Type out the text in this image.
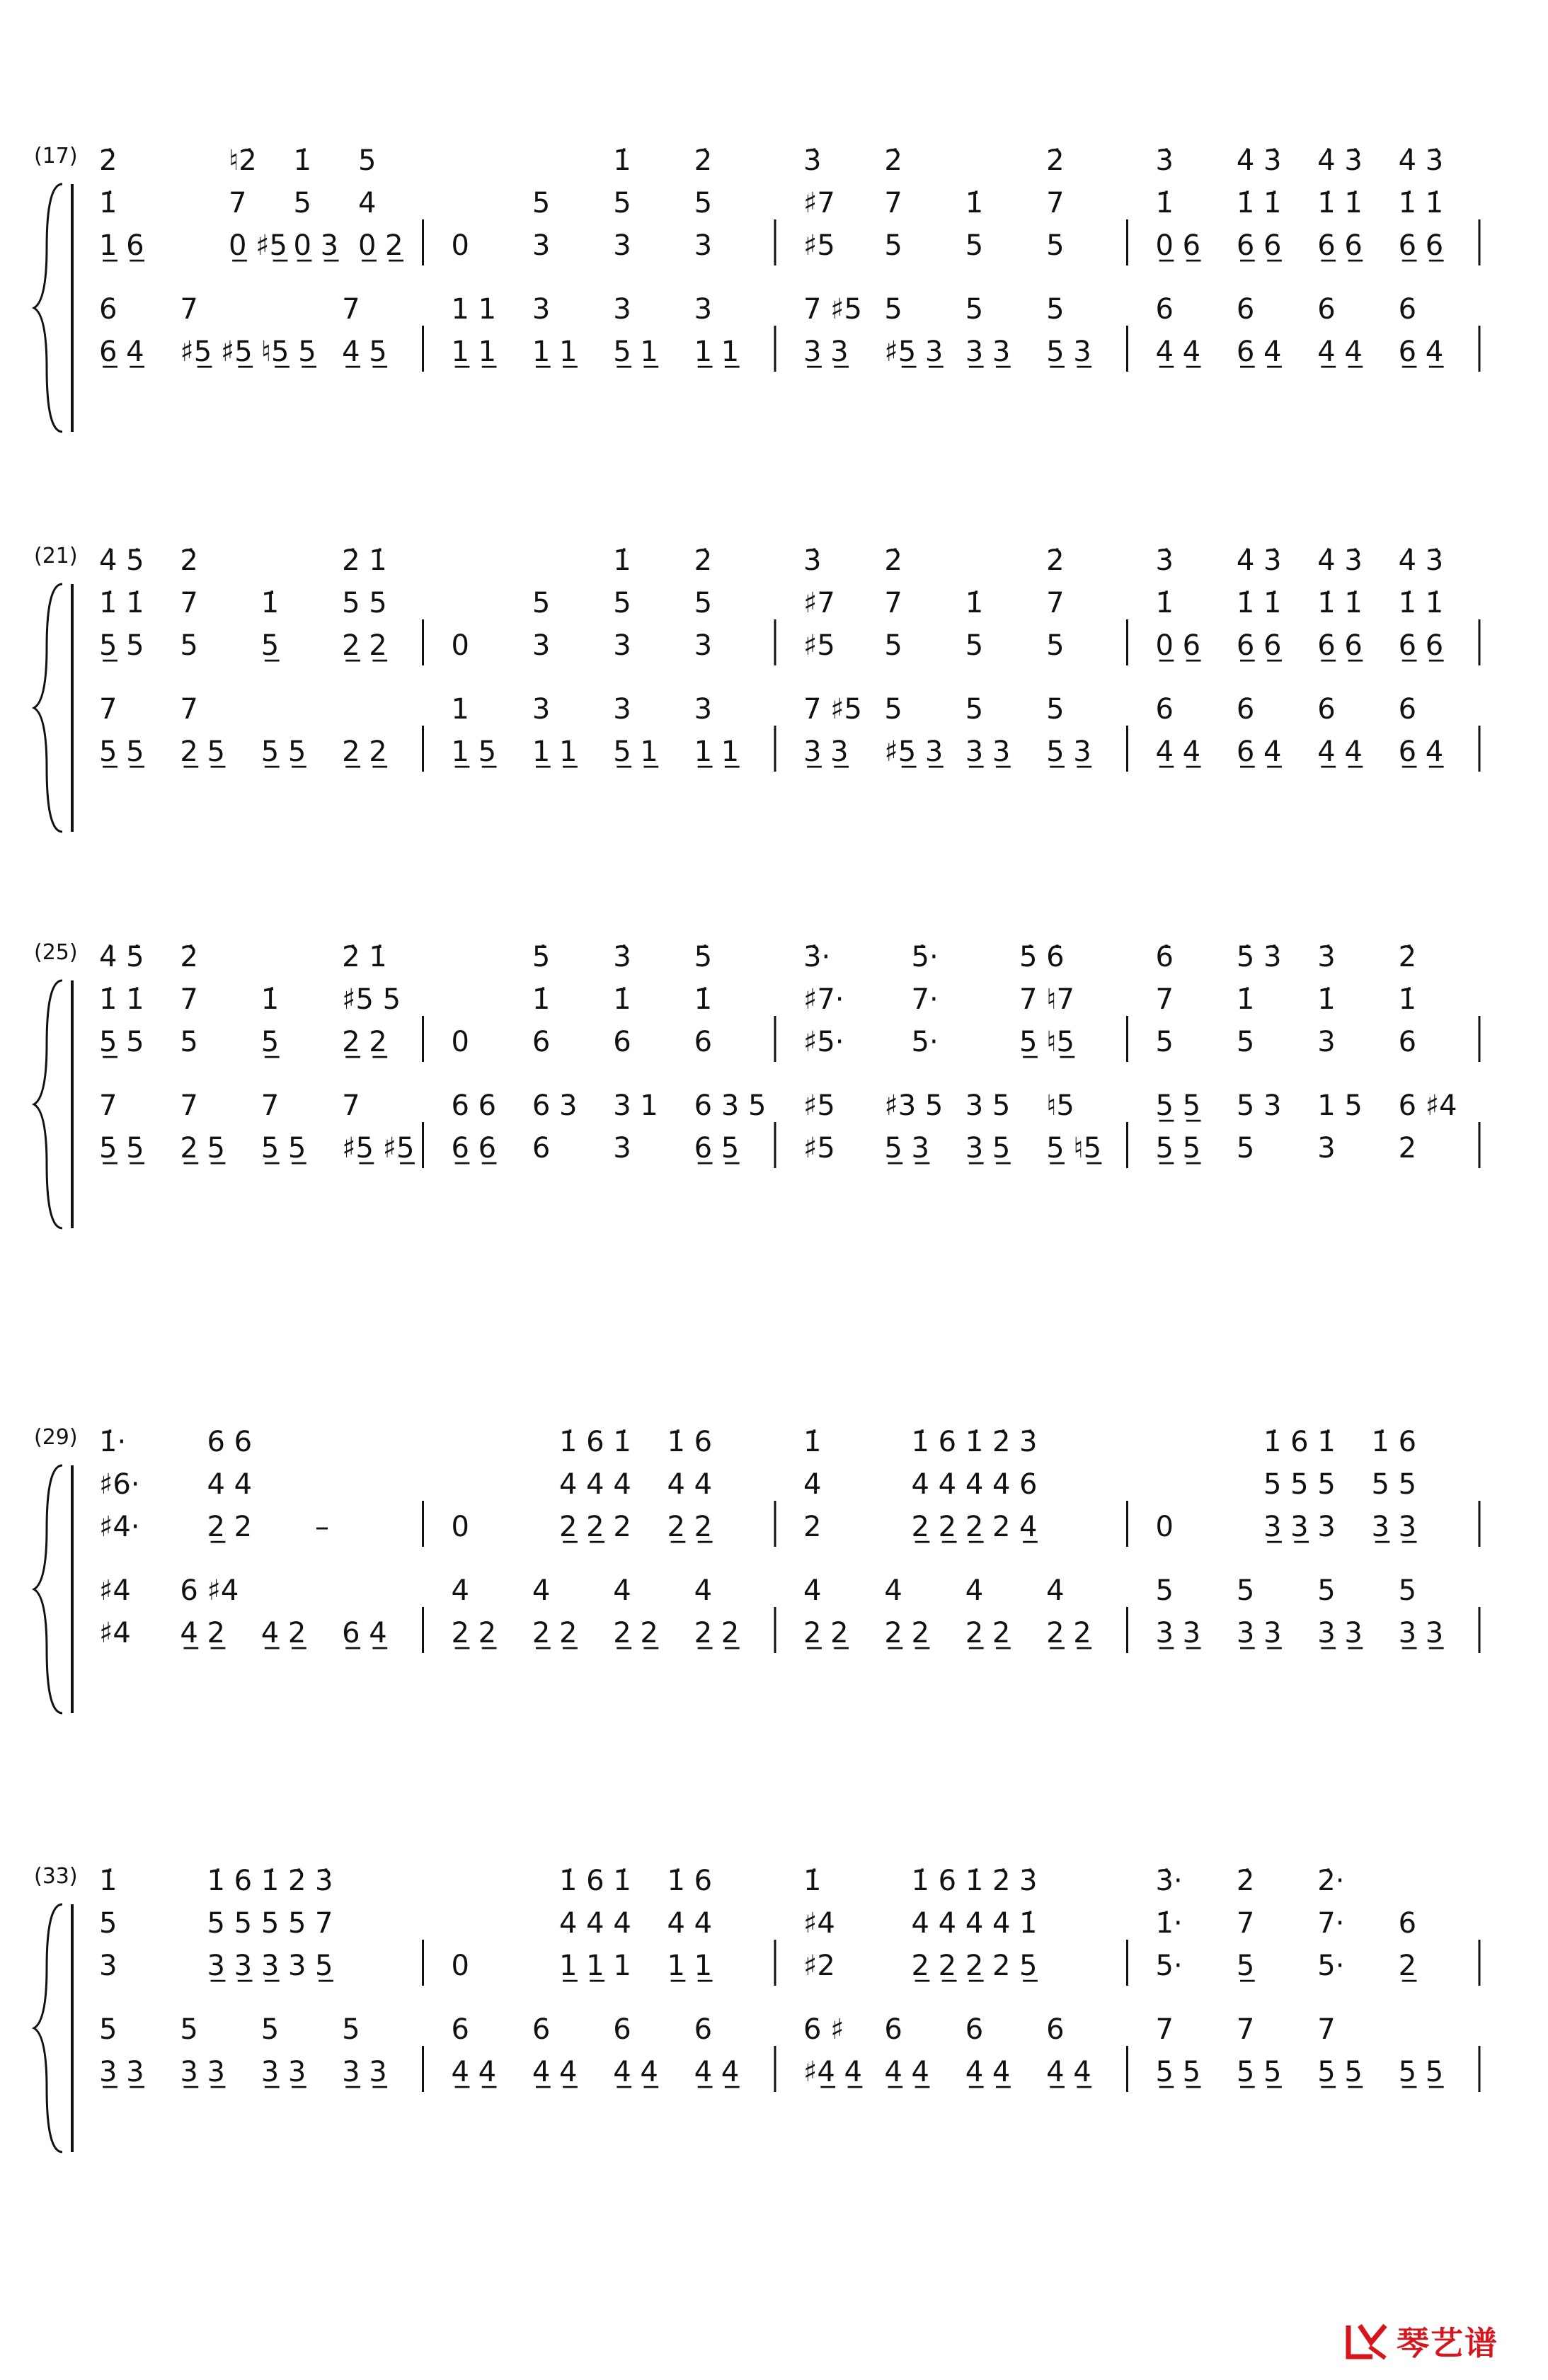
(17) 2̇
1̇
1̲ 6̲
♮2̇
7
0̲ ♯5̲
1̇
5
0̲ 3̲
5
4
0̲ 2̲
6
6̲ 4̲
7
♯5̲ ♯5̲ ♮5̲ 5̲
7
4̲ 5̲
0
5
3
1̇
5
3
2̇
5
3
1 1
1̲ 1̲
3
1̲ 1̲
3
5̲ 1̲
3
1̲ 1̲
3̇
♯7
♯5
2̇
7
5
1̇
5
2̇
7
5
7 ♯5
3̲ 3̲
5
♯5̲ 3̲
5
3̲ 3̲
5
5̲ 3̲
3̇
1̇
0̲ 6̲
4̇ 3̇
1̇ 1̇
6̲ 6̲
4̇ 3̇
1̇ 1̇
6̲ 6̲
4̇ 3̇
1̇ 1̇
6̲ 6̲
6
4̲ 4̲
6
6̲ 4̲
6
4̲ 4̲
6
6̲ 4̲
(21) 4̇ 5̇
1̇ 1̇
5̲ 5
2̇
7
5
1̇
5̲
2̇ 1̇
5 5
2̲ 2̲
7
5̲ 5̲
7
2̲ 5̲ 5̲ 5̲ 2̲ 2̲
0
5
3
1̇
5
3
2̇
5
3
1
1̲ 5̲
3
1̲ 1̲
3
5̲ 1̲
3
1̲ 1̲
3̇
♯7
♯5
2̇
7
5
1̇
5
2̇
7
5
7 ♯5
3̲ 3̲
5
♯5̲ 3̲
5
3̲ 3̲
5
5̲ 3̲
3̇
1̇
0̲ 6̲
4̇ 3̇
1̇ 1̇
6̲ 6̲
4̇ 3̇
1̇ 1̇
6̲ 6̲
4̇ 3̇
1̇ 1̇
6̲ 6̲
6
4̲ 4̲
6
6̲ 4̲
6
4̲ 4̲
6
6̲ 4̲
(25) 4̇ 5̇
1̇ 1̇
5̲ 5
2̇
7
5
1̇
5̲
2̇ 1̇
♯5 5
2̲ 2̲
7
5̲ 5̲
7
2̲ 5̲
7
5̲ 5̲
7
♯5̲ ♯5̲
0
5̇
1̇
6
3̇
1̇
6
5̇
1̇
6
6 6
6̲ 6̲
6 3
6
3 1
3
6 3 5
6̲ 5̲
3̇·
♯7·
♯5·
5̇·
7·
5·
5̇ 6̇
7 ♮7
5̲ ♮5̲
♯5
♯5
♯3 5
5̲ 3̲
3 5
3̲ 5̲
♮5
5̲ ♮5̲
6̇
7
5
5̇ 3̇
1̇
5
3̇
1̇
3
2̇
1̇
6
5̲ 5̲
5̲ 5̲
5 3
5
1 5
3
6 ♯4
2
(29) 1̇·
♯6·
♯4·
6 6
4 4
2̲ 2 –
♯4
♯4
6 ♯4
4̲ 2̲ 4̲ 2̲ 6̲ 4̲
0
1̇ 6 1̇
4 4 4
2̲ 2̲ 2
1̇ 6
4 4
2̲ 2̲
4
2̲ 2̲
4
2̲ 2̲
4
2̲ 2̲
4
2̲ 2̲
1̇
4
2
1̇ 6 1̇ 2̇
4 4 4 4
2̲ 2̲ 2̲ 2
3̇
6
4̲
4
2̲ 2̲
4
2̲ 2̲
4
2̲ 2̲
4
2̲ 2̲
0
1̇ 6 1̇
5 5 5
3̲ 3̲ 3
1̇ 6
5 5
3̲ 3̲
5
3̲ 3̲
5
3̲ 3̲
5
3̲ 3̲
5
3̲ 3̲
(33) 1̇
5
3
1̇ 6 1̇ 2̇
5 5 5 5
3̲ 3̲ 3̲ 3
3̇
7
5̲
5
3̲ 3̲
5
3̲ 3̲
5
3̲ 3̲
5
3̲ 3̲
0
1̇ 6 1̇
4 4 4
1̲ 1̲ 1
1̇ 6
4 4
1̲ 1̲
6
4̲ 4̲
6
4̲ 4̲
6
4̲ 4̲
6
4̲ 4̲
1̇
♯4
♯2
1̇ 6 1̇ 2̇
4 4 4 4
2̲ 2̲ 2̲ 2
3̇
1̇
5̲
6 ♯
♯4̲ 4̲
6
4̲ 4̲
6
4̲ 4̲
6
4̲ 4̲
3̇·
1̇·
5·
2̇
7
5̲
2̇·
7·
5·
6
2̲
7
5̲ 5̲
7
5̲ 5̲
7
5̲ 5̲ 5̲ 5̲
琴艺谱
